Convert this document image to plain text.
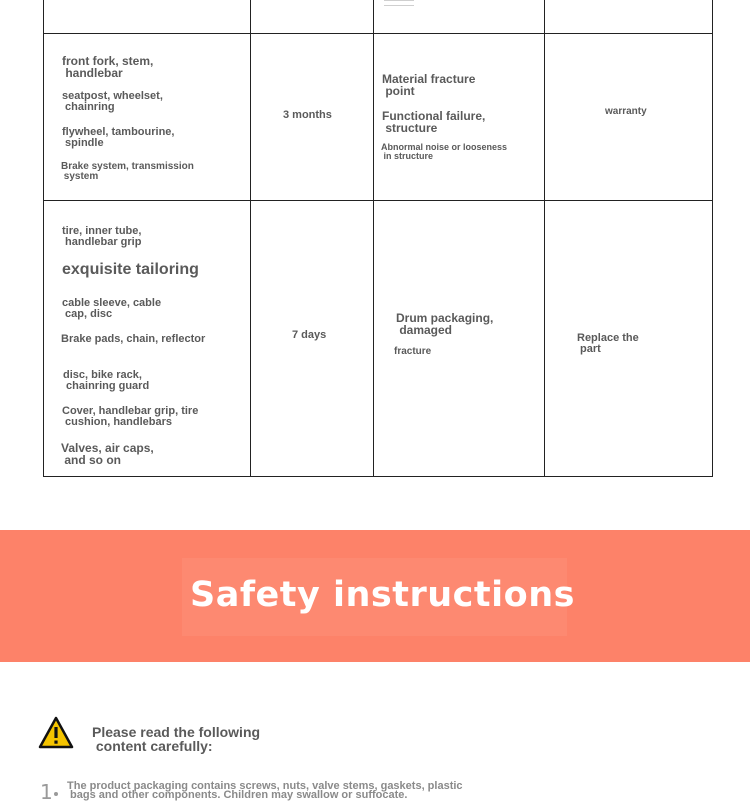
front fork, stem,
handlebar
seatpost, wheelset,
chainring
flywheel, tambourine,
spindle
Brake system, transmission
system
3 months
Material fracture
point
Functional failure,
structure
Abnormal noise or looseness
in structure
warranty
tire, inner tube,
handlebar grip
exquisite tailoring
cable sleeve, cable
cap, disc
Brake pads, chain, reflector
disc, bike rack,
chainring guard
Cover, handlebar grip, tire
cushion, handlebars
Valves, air caps,
and so on
7 days
Drum packaging,
damaged
fracture
Replace the
part
Safety instructions
Please read the following
content carefully:
1 The product packaging contains screws, nuts, valve stems, gaskets, plastic
bags and other components. Children may swallow or suffocate.
